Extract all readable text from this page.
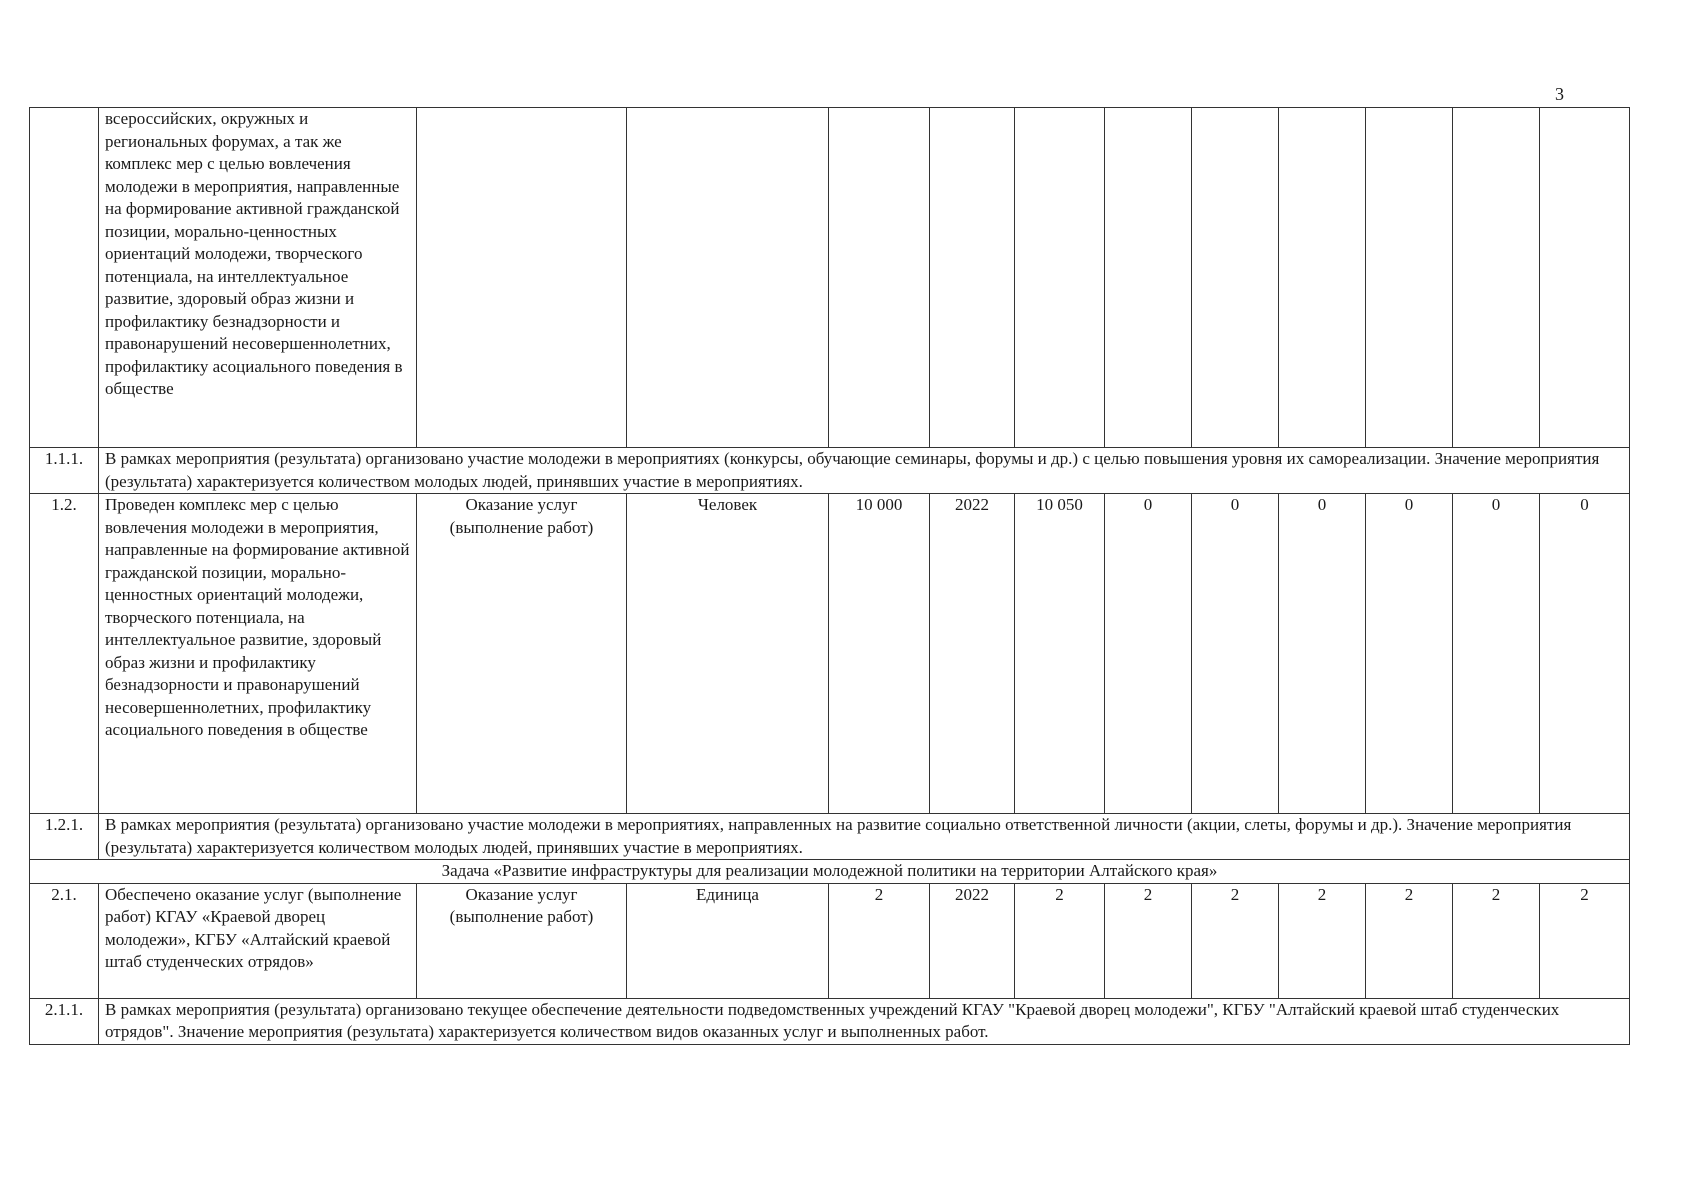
3
	всероссийских, окружных и региональных форумах, а так же комплекс мер с целью вовлечения молодежи в мероприятия, направленные на формирование активной гражданской позиции, морально-ценностных ориентаций молодежи, творческого потенциала, на интеллектуальное развитие, здоровый образ жизни и профилактику безнадзорности и правонарушений несовершеннолетних, профилактику асоциального поведения в обществе											
1.1.1.	В рамках мероприятия (результата) организовано участие молодежи в мероприятиях (конкурсы, обучающие семинары, форумы и др.) с целью повышения уровня их самореализации. Значение мероприятия (результата) характеризуется количеством молодых людей, принявших участие в мероприятиях.											
1.2.	Проведен комплекс мер с целью вовлечения молодежи в мероприятия, направленные на формирование активной гражданской позиции, морально-ценностных ориентаций молодежи, творческого потенциала, на интеллектуальное развитие, здоровый образ жизни и профилактику безнадзорности и правонарушений несовершеннолетних, профилактику асоциального поведения в обществе	Оказание услуг (выполнение работ)	Человек	10 000	2022	10 050	0	0	0	0	0	0
1.2.1.	В рамках мероприятия (результата) организовано участие молодежи в мероприятиях, направленных на развитие социально ответственной личности (акции, слеты, форумы и др.). Значение мероприятия (результата) характеризуется количеством молодых людей, принявших участие в мероприятиях.											
Задача «Развитие инфраструктуры для реализации молодежной политики на территории Алтайского края»												
2.1.	Обеспечено оказание услуг (выполнение работ) КГАУ «Краевой дворец молодежи», КГБУ «Алтайский краевой штаб студенческих отрядов»	Оказание услуг (выполнение работ)	Единица	2	2022	2	2	2	2	2	2	2
2.1.1.	В рамках мероприятия (результата) организовано текущее обеспечение деятельности подведомственных учреждений КГАУ "Краевой дворец молодежи", КГБУ "Алтайский краевой штаб студенческих отрядов". Значение мероприятия (результата) характеризуется количеством видов оказанных услуг и выполненных работ.											
